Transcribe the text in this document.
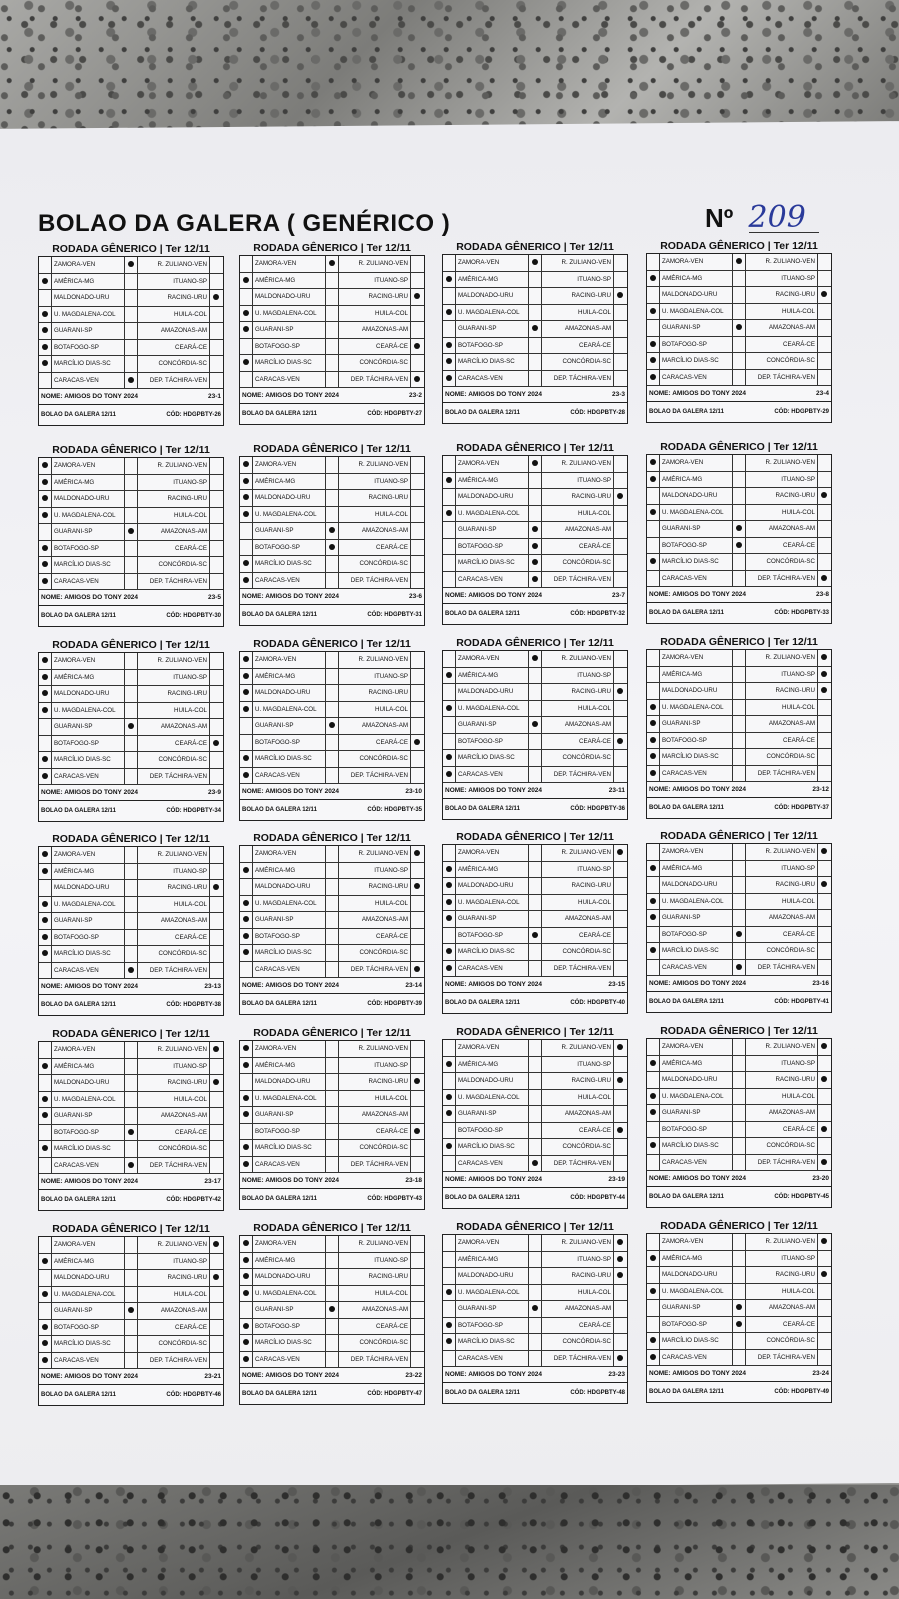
BOLAO DA GALERA ( GENÉRICO )	Nº 209
RODADA GÊNERICO | Ter 12/11
ZAMORA-VEN	R. ZULIANO-VEN
AMÉRICA-MG	ITUANO-SP
MALDONADO-URU	RACING-URU
U. MAGDALENA-COL	HUILA-COL
GUARANI-SP	AMAZONAS-AM
BOTAFOGO-SP	CEARÁ-CE
MARCÍLIO DIAS-SC	CONCÓRDIA-SC
CARACAS-VEN	DEP. TÁCHIRA-VEN
NOME: AMIGOS DO TONY 2024	23-1
BOLAO DA GALERA 12/11	CÓD: HDGPBTY-26
RODADA GÊNERICO | Ter 12/11
ZAMORA-VEN	R. ZULIANO-VEN
AMÉRICA-MG	ITUANO-SP
MALDONADO-URU	RACING-URU
U. MAGDALENA-COL	HUILA-COL
GUARANI-SP	AMAZONAS-AM
BOTAFOGO-SP	CEARÁ-CE
MARCÍLIO DIAS-SC	CONCÓRDIA-SC
CARACAS-VEN	DEP. TÁCHIRA-VEN
NOME: AMIGOS DO TONY 2024	23-2
BOLAO DA GALERA 12/11	CÓD: HDGPBTY-27
RODADA GÊNERICO | Ter 12/11
ZAMORA-VEN	R. ZULIANO-VEN
AMÉRICA-MG	ITUANO-SP
MALDONADO-URU	RACING-URU
U. MAGDALENA-COL	HUILA-COL
GUARANI-SP	AMAZONAS-AM
BOTAFOGO-SP	CEARÁ-CE
MARCÍLIO DIAS-SC	CONCÓRDIA-SC
CARACAS-VEN	DEP. TÁCHIRA-VEN
NOME: AMIGOS DO TONY 2024	23-3
BOLAO DA GALERA 12/11	CÓD: HDGPBTY-28
RODADA GÊNERICO | Ter 12/11
ZAMORA-VEN	R. ZULIANO-VEN
AMÉRICA-MG	ITUANO-SP
MALDONADO-URU	RACING-URU
U. MAGDALENA-COL	HUILA-COL
GUARANI-SP	AMAZONAS-AM
BOTAFOGO-SP	CEARÁ-CE
MARCÍLIO DIAS-SC	CONCÓRDIA-SC
CARACAS-VEN	DEP. TÁCHIRA-VEN
NOME: AMIGOS DO TONY 2024	23-4
BOLAO DA GALERA 12/11	CÓD: HDGPBTY-29
RODADA GÊNERICO | Ter 12/11
ZAMORA-VEN	R. ZULIANO-VEN
AMÉRICA-MG	ITUANO-SP
MALDONADO-URU	RACING-URU
U. MAGDALENA-COL	HUILA-COL
GUARANI-SP	AMAZONAS-AM
BOTAFOGO-SP	CEARÁ-CE
MARCÍLIO DIAS-SC	CONCÓRDIA-SC
CARACAS-VEN	DEP. TÁCHIRA-VEN
NOME: AMIGOS DO TONY 2024	23-5
BOLAO DA GALERA 12/11	CÓD: HDGPBTY-30
RODADA GÊNERICO | Ter 12/11
ZAMORA-VEN	R. ZULIANO-VEN
AMÉRICA-MG	ITUANO-SP
MALDONADO-URU	RACING-URU
U. MAGDALENA-COL	HUILA-COL
GUARANI-SP	AMAZONAS-AM
BOTAFOGO-SP	CEARÁ-CE
MARCÍLIO DIAS-SC	CONCÓRDIA-SC
CARACAS-VEN	DEP. TÁCHIRA-VEN
NOME: AMIGOS DO TONY 2024	23-6
BOLAO DA GALERA 12/11	CÓD: HDGPBTY-31
RODADA GÊNERICO | Ter 12/11
ZAMORA-VEN	R. ZULIANO-VEN
AMÉRICA-MG	ITUANO-SP
MALDONADO-URU	RACING-URU
U. MAGDALENA-COL	HUILA-COL
GUARANI-SP	AMAZONAS-AM
BOTAFOGO-SP	CEARÁ-CE
MARCÍLIO DIAS-SC	CONCÓRDIA-SC
CARACAS-VEN	DEP. TÁCHIRA-VEN
NOME: AMIGOS DO TONY 2024	23-7
BOLAO DA GALERA 12/11	CÓD: HDGPBTY-32
RODADA GÊNERICO | Ter 12/11
ZAMORA-VEN	R. ZULIANO-VEN
AMÉRICA-MG	ITUANO-SP
MALDONADO-URU	RACING-URU
U. MAGDALENA-COL	HUILA-COL
GUARANI-SP	AMAZONAS-AM
BOTAFOGO-SP	CEARÁ-CE
MARCÍLIO DIAS-SC	CONCÓRDIA-SC
CARACAS-VEN	DEP. TÁCHIRA-VEN
NOME: AMIGOS DO TONY 2024	23-8
BOLAO DA GALERA 12/11	CÓD: HDGPBTY-33
RODADA GÊNERICO | Ter 12/11
ZAMORA-VEN	R. ZULIANO-VEN
AMÉRICA-MG	ITUANO-SP
MALDONADO-URU	RACING-URU
U. MAGDALENA-COL	HUILA-COL
GUARANI-SP	AMAZONAS-AM
BOTAFOGO-SP	CEARÁ-CE
MARCÍLIO DIAS-SC	CONCÓRDIA-SC
CARACAS-VEN	DEP. TÁCHIRA-VEN
NOME: AMIGOS DO TONY 2024	23-9
BOLAO DA GALERA 12/11	CÓD: HDGPBTY-34
RODADA GÊNERICO | Ter 12/11
ZAMORA-VEN	R. ZULIANO-VEN
AMÉRICA-MG	ITUANO-SP
MALDONADO-URU	RACING-URU
U. MAGDALENA-COL	HUILA-COL
GUARANI-SP	AMAZONAS-AM
BOTAFOGO-SP	CEARÁ-CE
MARCÍLIO DIAS-SC	CONCÓRDIA-SC
CARACAS-VEN	DEP. TÁCHIRA-VEN
NOME: AMIGOS DO TONY 2024	23-10
BOLAO DA GALERA 12/11	CÓD: HDGPBTY-35
RODADA GÊNERICO | Ter 12/11
ZAMORA-VEN	R. ZULIANO-VEN
AMÉRICA-MG	ITUANO-SP
MALDONADO-URU	RACING-URU
U. MAGDALENA-COL	HUILA-COL
GUARANI-SP	AMAZONAS-AM
BOTAFOGO-SP	CEARÁ-CE
MARCÍLIO DIAS-SC	CONCÓRDIA-SC
CARACAS-VEN	DEP. TÁCHIRA-VEN
NOME: AMIGOS DO TONY 2024	23-11
BOLAO DA GALERA 12/11	CÓD: HDGPBTY-36
RODADA GÊNERICO | Ter 12/11
ZAMORA-VEN	R. ZULIANO-VEN
AMÉRICA-MG	ITUANO-SP
MALDONADO-URU	RACING-URU
U. MAGDALENA-COL	HUILA-COL
GUARANI-SP	AMAZONAS-AM
BOTAFOGO-SP	CEARÁ-CE
MARCÍLIO DIAS-SC	CONCÓRDIA-SC
CARACAS-VEN	DEP. TÁCHIRA-VEN
NOME: AMIGOS DO TONY 2024	23-12
BOLAO DA GALERA 12/11	CÓD: HDGPBTY-37
RODADA GÊNERICO | Ter 12/11
ZAMORA-VEN	R. ZULIANO-VEN
AMÉRICA-MG	ITUANO-SP
MALDONADO-URU	RACING-URU
U. MAGDALENA-COL	HUILA-COL
GUARANI-SP	AMAZONAS-AM
BOTAFOGO-SP	CEARÁ-CE
MARCÍLIO DIAS-SC	CONCÓRDIA-SC
CARACAS-VEN	DEP. TÁCHIRA-VEN
NOME: AMIGOS DO TONY 2024	23-13
BOLAO DA GALERA 12/11	CÓD: HDGPBTY-38
RODADA GÊNERICO | Ter 12/11
ZAMORA-VEN	R. ZULIANO-VEN
AMÉRICA-MG	ITUANO-SP
MALDONADO-URU	RACING-URU
U. MAGDALENA-COL	HUILA-COL
GUARANI-SP	AMAZONAS-AM
BOTAFOGO-SP	CEARÁ-CE
MARCÍLIO DIAS-SC	CONCÓRDIA-SC
CARACAS-VEN	DEP. TÁCHIRA-VEN
NOME: AMIGOS DO TONY 2024	23-14
BOLAO DA GALERA 12/11	CÓD: HDGPBTY-39
RODADA GÊNERICO | Ter 12/11
ZAMORA-VEN	R. ZULIANO-VEN
AMÉRICA-MG	ITUANO-SP
MALDONADO-URU	RACING-URU
U. MAGDALENA-COL	HUILA-COL
GUARANI-SP	AMAZONAS-AM
BOTAFOGO-SP	CEARÁ-CE
MARCÍLIO DIAS-SC	CONCÓRDIA-SC
CARACAS-VEN	DEP. TÁCHIRA-VEN
NOME: AMIGOS DO TONY 2024	23-15
BOLAO DA GALERA 12/11	CÓD: HDGPBTY-40
RODADA GÊNERICO | Ter 12/11
ZAMORA-VEN	R. ZULIANO-VEN
AMÉRICA-MG	ITUANO-SP
MALDONADO-URU	RACING-URU
U. MAGDALENA-COL	HUILA-COL
GUARANI-SP	AMAZONAS-AM
BOTAFOGO-SP	CEARÁ-CE
MARCÍLIO DIAS-SC	CONCÓRDIA-SC
CARACAS-VEN	DEP. TÁCHIRA-VEN
NOME: AMIGOS DO TONY 2024	23-16
BOLAO DA GALERA 12/11	CÓD: HDGPBTY-41
RODADA GÊNERICO | Ter 12/11
ZAMORA-VEN	R. ZULIANO-VEN
AMÉRICA-MG	ITUANO-SP
MALDONADO-URU	RACING-URU
U. MAGDALENA-COL	HUILA-COL
GUARANI-SP	AMAZONAS-AM
BOTAFOGO-SP	CEARÁ-CE
MARCÍLIO DIAS-SC	CONCÓRDIA-SC
CARACAS-VEN	DEP. TÁCHIRA-VEN
NOME: AMIGOS DO TONY 2024	23-17
BOLAO DA GALERA 12/11	CÓD: HDGPBTY-42
RODADA GÊNERICO | Ter 12/11
ZAMORA-VEN	R. ZULIANO-VEN
AMÉRICA-MG	ITUANO-SP
MALDONADO-URU	RACING-URU
U. MAGDALENA-COL	HUILA-COL
GUARANI-SP	AMAZONAS-AM
BOTAFOGO-SP	CEARÁ-CE
MARCÍLIO DIAS-SC	CONCÓRDIA-SC
CARACAS-VEN	DEP. TÁCHIRA-VEN
NOME: AMIGOS DO TONY 2024	23-18
BOLAO DA GALERA 12/11	CÓD: HDGPBTY-43
RODADA GÊNERICO | Ter 12/11
ZAMORA-VEN	R. ZULIANO-VEN
AMÉRICA-MG	ITUANO-SP
MALDONADO-URU	RACING-URU
U. MAGDALENA-COL	HUILA-COL
GUARANI-SP	AMAZONAS-AM
BOTAFOGO-SP	CEARÁ-CE
MARCÍLIO DIAS-SC	CONCÓRDIA-SC
CARACAS-VEN	DEP. TÁCHIRA-VEN
NOME: AMIGOS DO TONY 2024	23-19
BOLAO DA GALERA 12/11	CÓD: HDGPBTY-44
RODADA GÊNERICO | Ter 12/11
ZAMORA-VEN	R. ZULIANO-VEN
AMÉRICA-MG	ITUANO-SP
MALDONADO-URU	RACING-URU
U. MAGDALENA-COL	HUILA-COL
GUARANI-SP	AMAZONAS-AM
BOTAFOGO-SP	CEARÁ-CE
MARCÍLIO DIAS-SC	CONCÓRDIA-SC
CARACAS-VEN	DEP. TÁCHIRA-VEN
NOME: AMIGOS DO TONY 2024	23-20
BOLAO DA GALERA 12/11	CÓD: HDGPBTY-45
RODADA GÊNERICO | Ter 12/11
ZAMORA-VEN	R. ZULIANO-VEN
AMÉRICA-MG	ITUANO-SP
MALDONADO-URU	RACING-URU
U. MAGDALENA-COL	HUILA-COL
GUARANI-SP	AMAZONAS-AM
BOTAFOGO-SP	CEARÁ-CE
MARCÍLIO DIAS-SC	CONCÓRDIA-SC
CARACAS-VEN	DEP. TÁCHIRA-VEN
NOME: AMIGOS DO TONY 2024	23-21
BOLAO DA GALERA 12/11	CÓD: HDGPBTY-46
RODADA GÊNERICO | Ter 12/11
ZAMORA-VEN	R. ZULIANO-VEN
AMÉRICA-MG	ITUANO-SP
MALDONADO-URU	RACING-URU
U. MAGDALENA-COL	HUILA-COL
GUARANI-SP	AMAZONAS-AM
BOTAFOGO-SP	CEARÁ-CE
MARCÍLIO DIAS-SC	CONCÓRDIA-SC
CARACAS-VEN	DEP. TÁCHIRA-VEN
NOME: AMIGOS DO TONY 2024	23-22
BOLAO DA GALERA 12/11	CÓD: HDGPBTY-47
RODADA GÊNERICO | Ter 12/11
ZAMORA-VEN	R. ZULIANO-VEN
AMÉRICA-MG	ITUANO-SP
MALDONADO-URU	RACING-URU
U. MAGDALENA-COL	HUILA-COL
GUARANI-SP	AMAZONAS-AM
BOTAFOGO-SP	CEARÁ-CE
MARCÍLIO DIAS-SC	CONCÓRDIA-SC
CARACAS-VEN	DEP. TÁCHIRA-VEN
NOME: AMIGOS DO TONY 2024	23-23
BOLAO DA GALERA 12/11	CÓD: HDGPBTY-48
RODADA GÊNERICO | Ter 12/11
ZAMORA-VEN	R. ZULIANO-VEN
AMÉRICA-MG	ITUANO-SP
MALDONADO-URU	RACING-URU
U. MAGDALENA-COL	HUILA-COL
GUARANI-SP	AMAZONAS-AM
BOTAFOGO-SP	CEARÁ-CE
MARCÍLIO DIAS-SC	CONCÓRDIA-SC
CARACAS-VEN	DEP. TÁCHIRA-VEN
NOME: AMIGOS DO TONY 2024	23-24
BOLAO DA GALERA 12/11	CÓD: HDGPBTY-49
